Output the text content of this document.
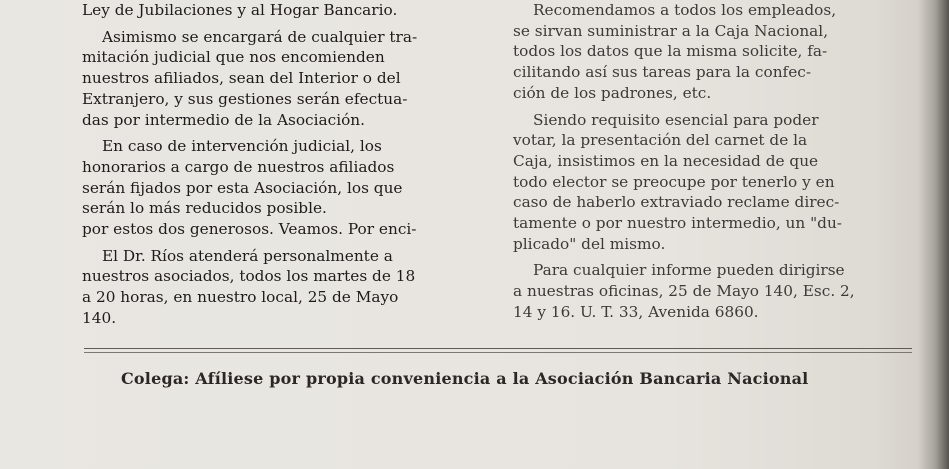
Ley de Jubilaciones y al Hogar Bancario.

Asimismo se encargará de cualquier tra-
mitación judicial que nos encomienden
nuestros afiliados, sean del Interior o del
Extranjero, y sus gestiones serán efectua-
das por intermedio de la Asociación.

En caso de intervención judicial, los
honorarios a cargo de nuestros afiliados
serán fijados por esta Asociación, los que
serán lo más reducidos posible.

por estos dos generosos. Veamos. Por enci-

El Dr. Ríos atenderá personalmente a
nuestros asociados, todos los martes de 18
a 20 horas, en nuestro local, 25 de Mayo
140.

Recomendamos a todos los empleados,
se sirvan suministrar a la Caja Nacional,
todos los datos que la misma solicite, fa-
cilitando así sus tareas para la confec-
ción de los padrones, etc.

Siendo requisito esencial para poder
votar, la presentación del carnet de la
Caja, insistimos en la necesidad de que
todo elector se preocupe por tenerlo y en
caso de haberlo extraviado reclame direc-
tamente o por nuestro intermedio, un "du-
plicado" del mismo.

Para cualquier informe pueden dirigirse
a nuestras oficinas, 25 de Mayo 140, Esc. 2,
14 y 16. U. T. 33, Avenida 6860.

Colega: Afíliese por propia conveniencia a la Asociación Bancaria Nacional
